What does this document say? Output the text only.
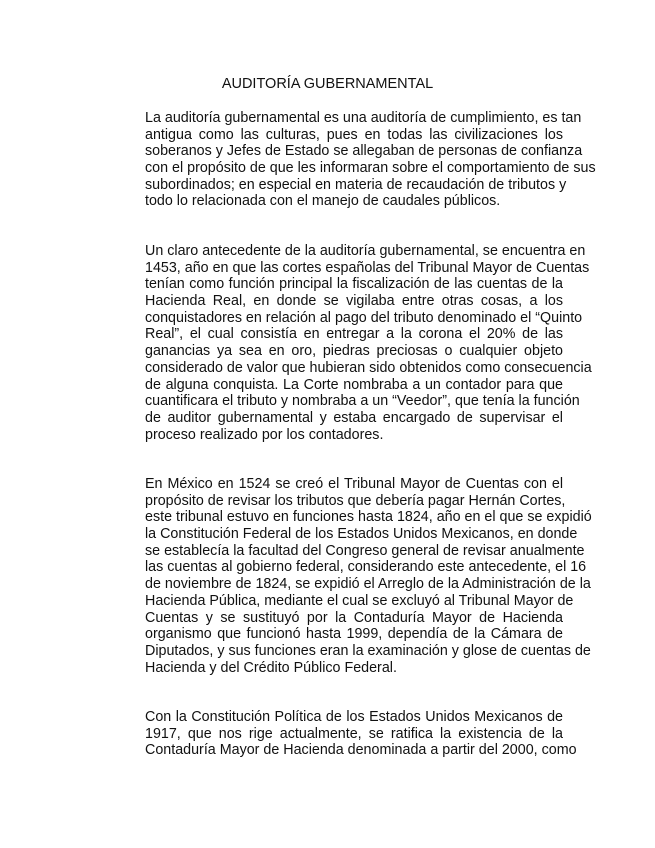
AUDITORÍA GUBERNAMENTAL
La auditoría gubernamental es una auditoría de cumplimiento, es tan
antigua como las culturas, pues en todas las civilizaciones los
soberanos y Jefes de Estado se allegaban de personas de confianza
con el propósito de que les informaran sobre el comportamiento de sus
subordinados; en especial en materia de recaudación de tributos y
todo lo relacionada con el manejo de caudales públicos.
Un claro antecedente de la auditoría gubernamental, se encuentra en
1453, año en que las cortes españolas del Tribunal Mayor de Cuentas
tenían como función principal la fiscalización de las cuentas de la
Hacienda Real, en donde se vigilaba entre otras cosas, a los
conquistadores en relación al pago del tributo denominado el “Quinto
Real”, el cual consistía en entregar a la corona el 20% de las
ganancias ya sea en oro, piedras preciosas o cualquier objeto
considerado de valor que hubieran sido obtenidos como consecuencia
de alguna conquista. La Corte nombraba a un contador para que
cuantificara el tributo y nombraba a un “Veedor”, que tenía la función
de auditor gubernamental y estaba encargado de supervisar el
proceso realizado por los contadores.
En México en 1524 se creó el Tribunal Mayor de Cuentas con el
propósito de revisar los tributos que debería pagar Hernán Cortes,
este tribunal estuvo en funciones hasta 1824, año en el que se expidió
la Constitución Federal de los Estados Unidos Mexicanos, en donde
se establecía la facultad del Congreso general de revisar anualmente
las cuentas al gobierno federal, considerando este antecedente, el 16
de noviembre de 1824, se expidió el Arreglo de la Administración de la
Hacienda Pública, mediante el cual se excluyó al Tribunal Mayor de
Cuentas y se sustituyó por la Contaduría Mayor de Hacienda
organismo que funcionó hasta 1999, dependía de la Cámara de
Diputados, y sus funciones eran la examinación y glose de cuentas de
Hacienda y del Crédito Público Federal.
Con la Constitución Política de los Estados Unidos Mexicanos de
1917, que nos rige actualmente, se ratifica la existencia de la
Contaduría Mayor de Hacienda denominada a partir del 2000, como
